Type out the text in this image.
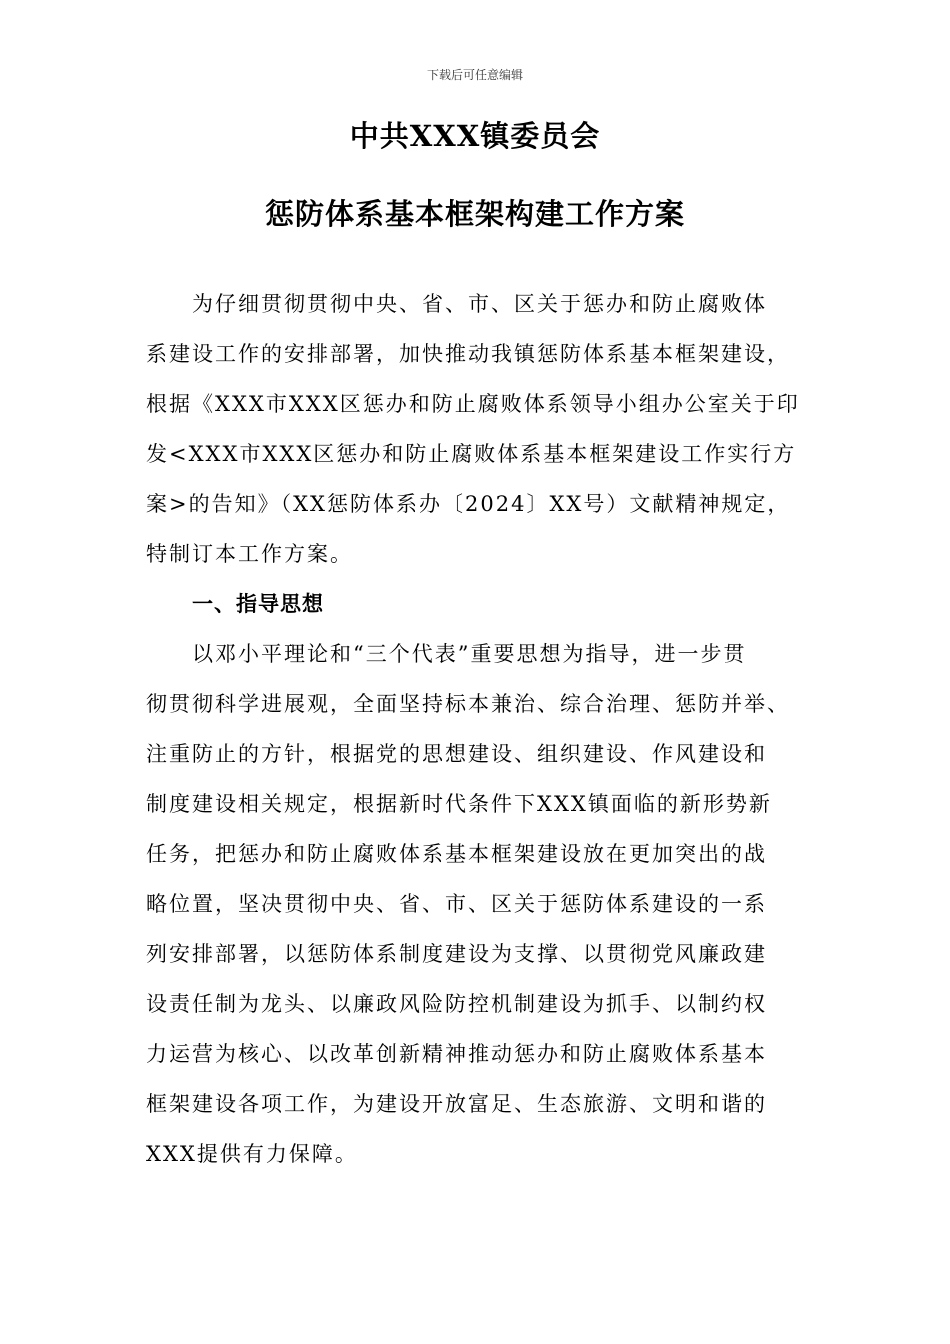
下载后可任意编辑
中共XXX镇委员会
惩防体系基本框架构建工作方案
为仔细贯彻贯彻中央、省、市、区关于惩办和防止腐败体
系建设工作的安排部署，加快推动我镇惩防体系基本框架建设，
根据《XXX市XXX区惩办和防止腐败体系领导小组办公室关于印
发<XXX市XXX区惩办和防止腐败体系基本框架建设工作实行方
案>的告知》（XX惩防体系办〔2024〕XX号）文献精神规定，
特制订本工作方案。
一、指导思想
以邓小平理论和“三个代表”重要思想为指导，进一步贯
彻贯彻科学进展观，全面坚持标本兼治、综合治理、惩防并举、
注重防止的方针，根据党的思想建设、组织建设、作风建设和
制度建设相关规定，根据新时代条件下XXX镇面临的新形势新
任务，把惩办和防止腐败体系基本框架建设放在更加突出的战
略位置，坚决贯彻中央、省、市、区关于惩防体系建设的一系
列安排部署，以惩防体系制度建设为支撑、以贯彻党风廉政建
设责任制为龙头、以廉政风险防控机制建设为抓手、以制约权
力运营为核心、以改革创新精神推动惩办和防止腐败体系基本
框架建设各项工作，为建设开放富足、生态旅游、文明和谐的
XXX提供有力保障。
